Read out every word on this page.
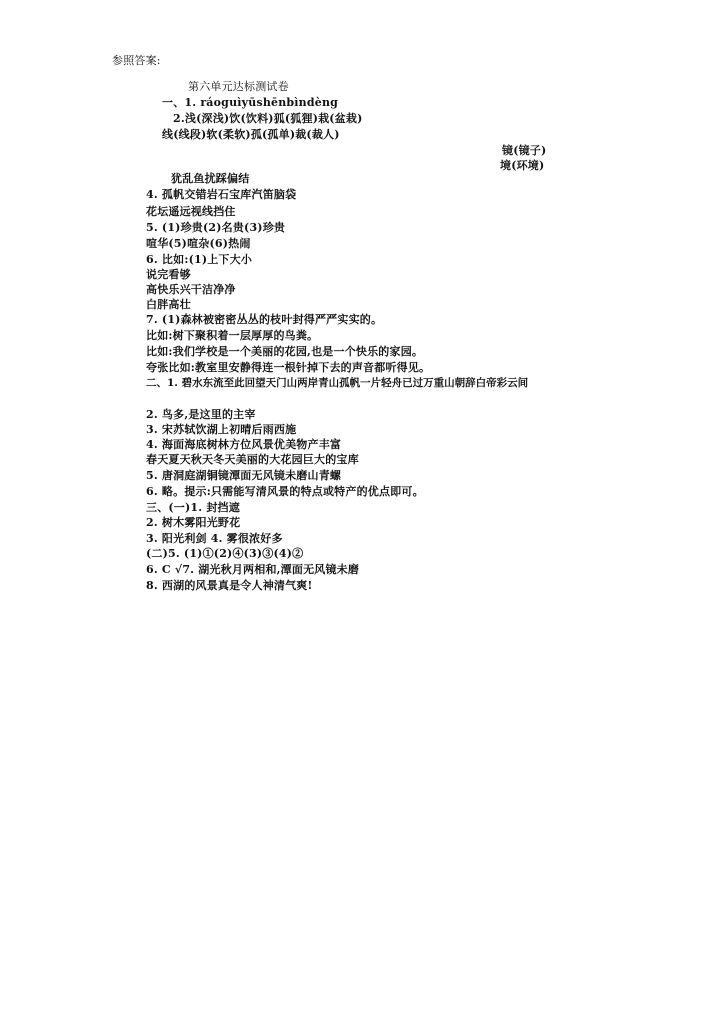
参照答案:
第六单元达标测试卷
一、1. ráoguìyūshēnbìndèng
2.浅(深浅)饮(饮料)狐(狐狸)栽(盆栽)
线(线段)软(柔软)孤(孤单)裁(裁人)
镜(镜子)
境(环境)
犹乱鱼扰踩偏结
4. 孤帆交错岩石宝库汽笛脑袋
花坛遥远视线挡住
5. (1)珍贵(2)名贵(3)珍贵
喧华(5)喧杂(6)热闹
6. 比如:(1)上下大小
说完看够
高快乐兴干洁净净
白胖高壮
7. (1)森林被密密丛丛的枝叶封得严严实实的。
比如:树下聚积着一层厚厚的鸟粪。
比如:我们学校是一个美丽的花园,也是一个快乐的家园。
夸张比如:教室里安静得连一根针掉下去的声音都听得见。
二、1. 碧水东流至此回望天门山两岸青山孤帆一片轻舟已过万重山朝辞白帝彩云间
2. 鸟多,是这里的主宰
3. 宋苏轼饮湖上初晴后雨西施
4. 海面海底树林方位风景优美物产丰富
春天夏天秋天冬天美丽的大花园巨大的宝库
5. 唐洞庭湖铜镜潭面无风镜未磨山青螺
6. 略。提示:只需能写清风景的特点或特产的优点即可。
三、(一)1. 封挡遮
2. 树木雾阳光野花
3. 阳光利剑 4. 雾很浓好多
(二)5. (1)①(2)④(3)③(4)②
6. C √7. 湖光秋月两相和,潭面无风镜未磨
8. 西湖的风景真是令人神清气爽!
